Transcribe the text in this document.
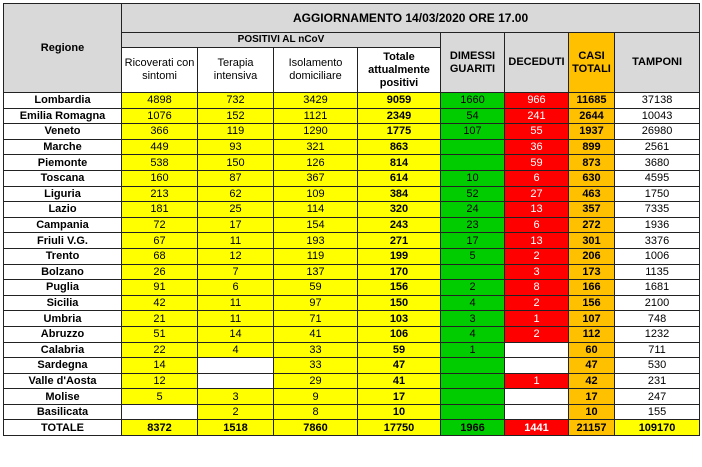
Regione	AGGIORNAMENTO 14/03/2020 ORE 17.00							
	POSITIVI AL nCoV				DIMESSI GUARITI	DECEDUTI	CASI TOTALI	TAMPONI
	Ricoverati con sintomi	Terapia intensiva	Isolamento domiciliare	Totale attualmente positivi				
Lombardia	4898	732	3429	9059	1660	966	11685	37138
Emilia Romagna	1076	152	1121	2349	54	241	2644	10043
Veneto	366	119	1290	1775	107	55	1937	26980
Marche	449	93	321	863		36	899	2561
Piemonte	538	150	126	814		59	873	3680
Toscana	160	87	367	614	10	6	630	4595
Liguria	213	62	109	384	52	27	463	1750
Lazio	181	25	114	320	24	13	357	7335
Campania	72	17	154	243	23	6	272	1936
Friuli V.G.	67	11	193	271	17	13	301	3376
Trento	68	12	119	199	5	2	206	1006
Bolzano	26	7	137	170		3	173	1135
Puglia	91	6	59	156	2	8	166	1681
Sicilia	42	11	97	150	4	2	156	2100
Umbria	21	11	71	103	3	1	107	748
Abruzzo	51	14	41	106	4	2	112	1232
Calabria	22	4	33	59	1		60	711
Sardegna	14		33	47			47	530
Valle d'Aosta	12		29	41		1	42	231
Molise	5	3	9	17			17	247
Basilicata		2	8	10			10	155
TOTALE	8372	1518	7860	17750	1966	1441	21157	109170
